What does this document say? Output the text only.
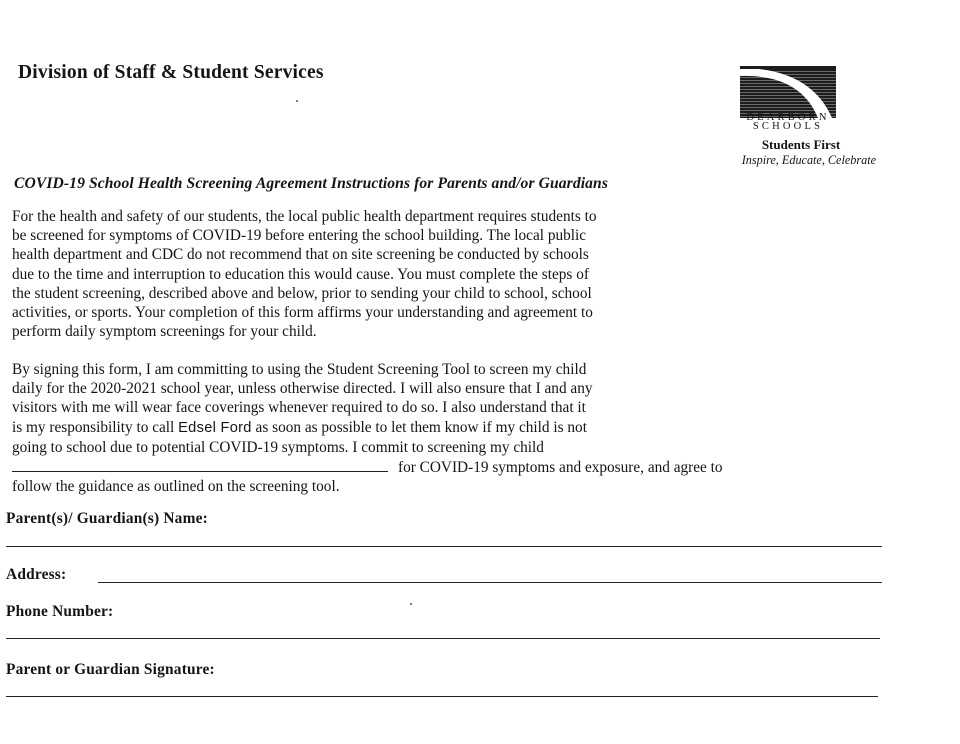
Division of Staff & Student Services
DEARBORN
SCHOOLS
Students First
Inspire, Educate, Celebrate
COVID-19 School Health Screening Agreement Instructions for Parents and/or Guardians
For the health and safety of our students, the local public health department requires students to
be screened for symptoms of COVID-19 before entering the school building. The local public
health department and CDC do not recommend that on site screening be conducted by schools
due to the time and interruption to education this would cause. You must complete the steps of
the student screening, described above and below, prior to sending your child to school, school
activities, or sports. Your completion of this form affirms your understanding and agreement to
perform daily symptom screenings for your child.
By signing this form, I am committing to using the Student Screening Tool to screen my child
daily for the 2020-2021 school year, unless otherwise directed. I will also ensure that I and any
visitors with me will wear face coverings whenever required to do so. I also understand that it
is my responsibility to call Edsel Ford as soon as possible to let them know if my child is not
going to school due to potential COVID-19 symptoms. I commit to screening my child
for COVID-19 symptoms and exposure, and agree to
follow the guidance as outlined on the screening tool.
Parent(s)/ Guardian(s) Name:
Address:
Phone Number:
Parent or Guardian Signature:
